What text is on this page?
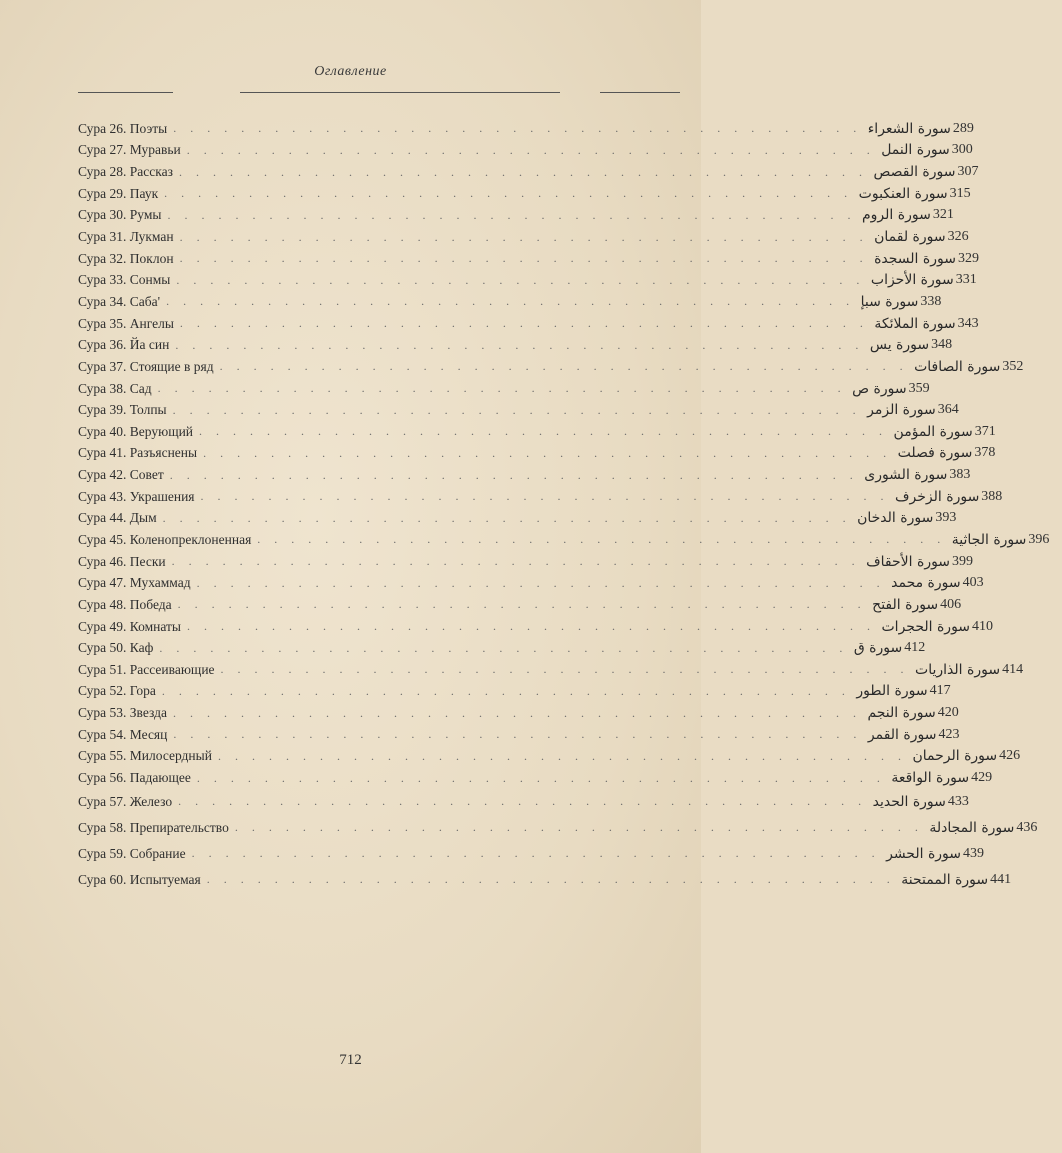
Оглавление
Сура 26. Поэты . . . . . . . . . . . . . . . . . . . . . . . . . . . . . . . . . . . . . . . . . سورة الشعراء 289
Сура 27. Муравьи . . . . . . . . . . . . . . . . . . . . . . . . . . . . . . . . . . . . . . . . . سورة النمل 300
Сура 28. Рассказ . . . . . . . . . . . . . . . . . . . . . . . . . . . . . . . . . . . . . . . . . سورة القصص 307
Сура 29. Паук . . . . . . . . . . . . . . . . . . . . . . . . . . . . . . . . . . . . . . . . . سورة العنكبوت 315
Сура 30. Румы . . . . . . . . . . . . . . . . . . . . . . . . . . . . . . . . . . . . . . . . . سورة الروم 321
Сура 31. Лукман . . . . . . . . . . . . . . . . . . . . . . . . . . . . . . . . . . . . . . . . . سورة لقمان 326
Сура 32. Поклон . . . . . . . . . . . . . . . . . . . . . . . . . . . . . . . . . . . . . . . . . سورة السجدة 329
Сура 33. Сонмы . . . . . . . . . . . . . . . . . . . . . . . . . . . . . . . . . . . . . . . . . سورة الأحزاب 331
Сура 34. Саба' . . . . . . . . . . . . . . . . . . . . . . . . . . . . . . . . . . . . . . . . . سورة سبإ 338
Сура 35. Ангелы . . . . . . . . . . . . . . . . . . . . . . . . . . . . . . . . . . . . . . . . . سورة الملائكة 343
Сура 36. Йа син . . . . . . . . . . . . . . . . . . . . . . . . . . . . . . . . . . . . . . . . . سورة يس 348
Сура 37. Стоящие в ряд . . . . . . . . . . . . . . . . . . . . . . . . . . . . . . . . . . . . . . . . . سورة الصافات 352
Сура 38. Сад . . . . . . . . . . . . . . . . . . . . . . . . . . . . . . . . . . . . . . . . . سورة ص 359
Сура 39. Толпы . . . . . . . . . . . . . . . . . . . . . . . . . . . . . . . . . . . . . . . . . سورة الزمر 364
Сура 40. Верующий . . . . . . . . . . . . . . . . . . . . . . . . . . . . . . . . . . . . . . . . . سورة المؤمن 371
Сура 41. Разъяснены . . . . . . . . . . . . . . . . . . . . . . . . . . . . . . . . . . . . . . . . . سورة فصلت 378
Сура 42. Совет . . . . . . . . . . . . . . . . . . . . . . . . . . . . . . . . . . . . . . . . . سورة الشورى 383
Сура 43. Украшения . . . . . . . . . . . . . . . . . . . . . . . . . . . . . . . . . . . . . . . . . سورة الزخرف 388
Сура 44. Дым . . . . . . . . . . . . . . . . . . . . . . . . . . . . . . . . . . . . . . . . . سورة الدخان 393
Сура 45. Коленопреклоненная . . . . . . . . . . . . . . . . . . . . . . . . . . . . . . . . . . . . . . . . . سورة الجاثية 396
Сура 46. Пески . . . . . . . . . . . . . . . . . . . . . . . . . . . . . . . . . . . . . . . . . سورة الأحقاف 399
Сура 47. Мухаммад . . . . . . . . . . . . . . . . . . . . . . . . . . . . . . . . . . . . . . . . . سورة محمد 403
Сура 48. Победа . . . . . . . . . . . . . . . . . . . . . . . . . . . . . . . . . . . . . . . . . سورة الفتح 406
Сура 49. Комнаты . . . . . . . . . . . . . . . . . . . . . . . . . . . . . . . . . . . . . . . . . سورة الحجرات 410
Сура 50. Каф . . . . . . . . . . . . . . . . . . . . . . . . . . . . . . . . . . . . . . . . . سورة ق 412
Сура 51. Рассеивающие . . . . . . . . . . . . . . . . . . . . . . . . . . . . . . . . . . . . . . . . . سورة الذاريات 414
Сура 52. Гора . . . . . . . . . . . . . . . . . . . . . . . . . . . . . . . . . . . . . . . . . سورة الطور 417
Сура 53. Звезда . . . . . . . . . . . . . . . . . . . . . . . . . . . . . . . . . . . . . . . . . سورة النجم 420
Сура 54. Месяц . . . . . . . . . . . . . . . . . . . . . . . . . . . . . . . . . . . . . . . . . سورة القمر 423
Сура 55. Милосердный . . . . . . . . . . . . . . . . . . . . . . . . . . . . . . . . . . . . . . . . . سورة الرحمان 426
Сура 56. Падающее . . . . . . . . . . . . . . . . . . . . . . . . . . . . . . . . . . . . . . . . . سورة الواقعة 429
Сура 57. Железо . . . . . . . . . . . . . . . . . . . . . . . . . . . . . . . . . . . . . . . . . سورة الحديد 433
Сура 58. Препирательство . . . . . . . . . . . . . . . . . . . . . . . . . . . . . . . . . . . . . . . . . سورة المجادلة 436
Сура 59. Собрание . . . . . . . . . . . . . . . . . . . . . . . . . . . . . . . . . . . . . . . . . سورة الحشر 439
Сура 60. Испытуемая . . . . . . . . . . . . . . . . . . . . . . . . . . . . . . . . . . . . . . . . . سورة الممتحنة 441
712
